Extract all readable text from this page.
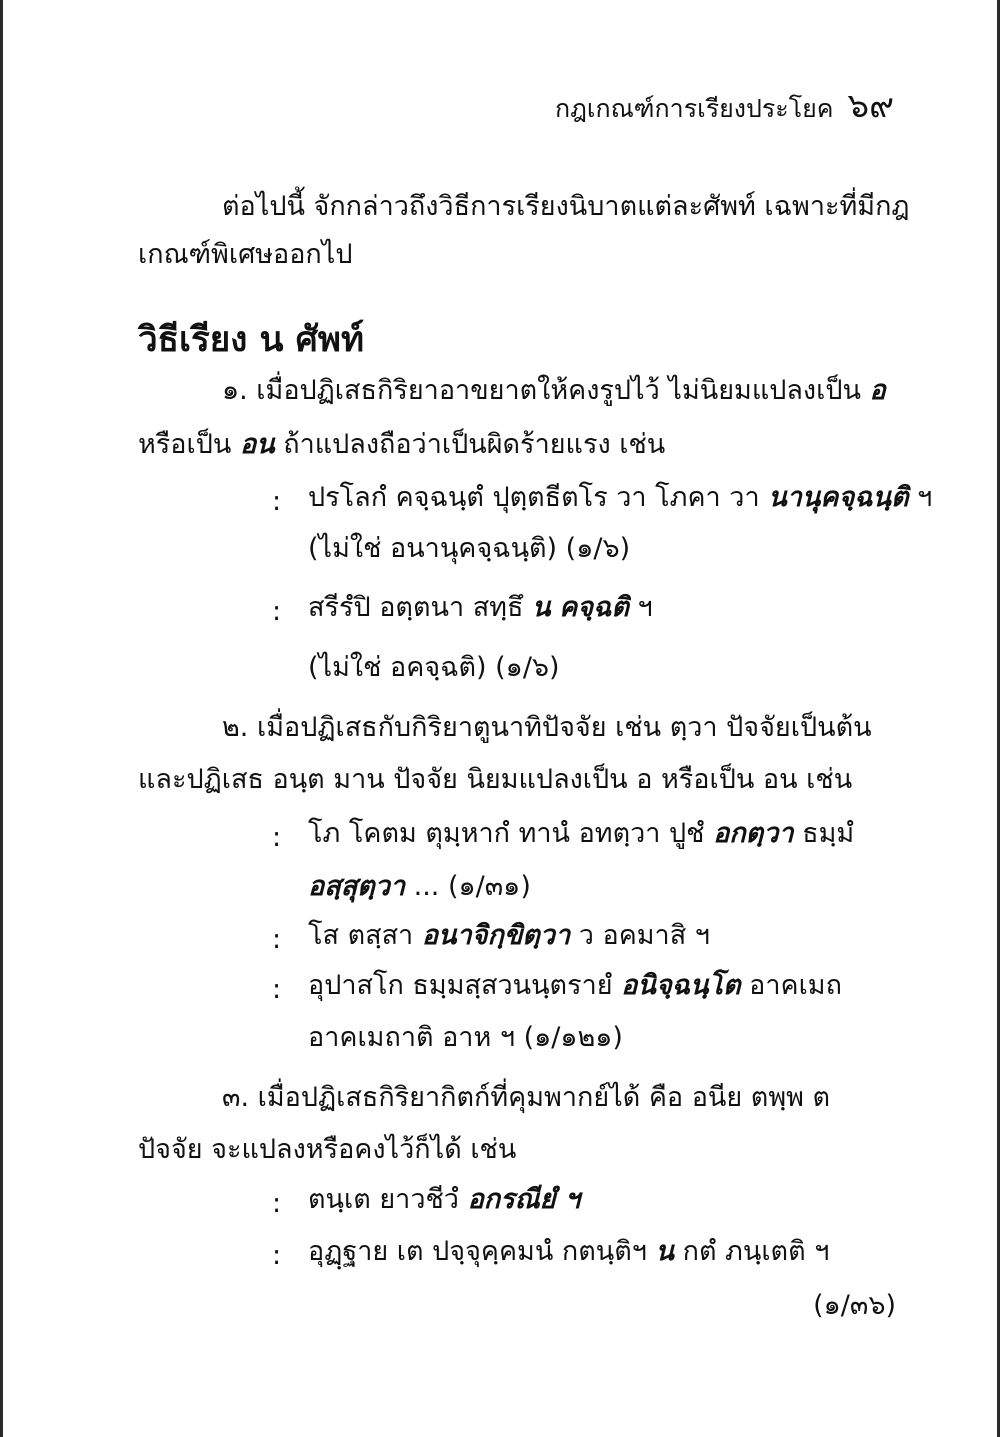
กฎเกณฑ์การเรียงประโยค ๖๙
ต่อไปนี้ จักกล่าวถึงวิธีการเรียงนิบาตแต่ละศัพท์ เฉพาะที่มีกฎ
เกณฑ์พิเศษออกไป
วิธีเรียง น ศัพท์
๑. เมื่อปฏิเสธกิริยาอาขยาตให้คงรูปไว้ ไม่นิยมแปลงเป็น อ
หรือเป็น อน ถ้าแปลงถือว่าเป็นผิดร้ายแรง เช่น
: ปรโลกํ คจฺฉนฺตํ ปุตฺตธีตโร วา โภคา วา นานุคจฺฉนฺติ ฯ
(ไม่ใช่ อนานุคจฺฉนฺติ) (๑/๖)
: สรีรํปิ อตฺตนา สทฺธึ น คจฺฉติ ฯ
(ไม่ใช่ อคจฺฉติ) (๑/๖)
๒. เมื่อปฏิเสธกับกิริยาตูนาทิปัจจัย เช่น ตฺวา ปัจจัยเป็นต้น
และปฏิเสธ อนฺต มาน ปัจจัย นิยมแปลงเป็น อ หรือเป็น อน เช่น
: โภ โคตม ตุมฺหากํ ทานํ อทตฺวา ปูชํ อกตฺวา ธมฺมํ
อสฺสุตฺวา ... (๑/๓๑)
: โส ตสฺสา อนาจิกฺขิตฺวา ว อคมาสิ ฯ
: อุปาสโก ธมฺมสฺสวนนฺตรายํ อนิจฺฉนฺโต อาคเมถ
อาคเมถาติ อาห ฯ (๑/๑๒๑)
๓. เมื่อปฏิเสธกิริยากิตก์ที่คุมพากย์ได้ คือ อนีย ตพฺพ ต
ปัจจัย จะแปลงหรือคงไว้ก็ได้ เช่น
: ตนฺเต ยาวชีวํ อกรณียํ ฯ
: อุฏฺฐาย เต ปจฺจุคฺคมนํ กตนฺติฯ น กตํ ภนฺเตติ ฯ
(๑/๓๖)
